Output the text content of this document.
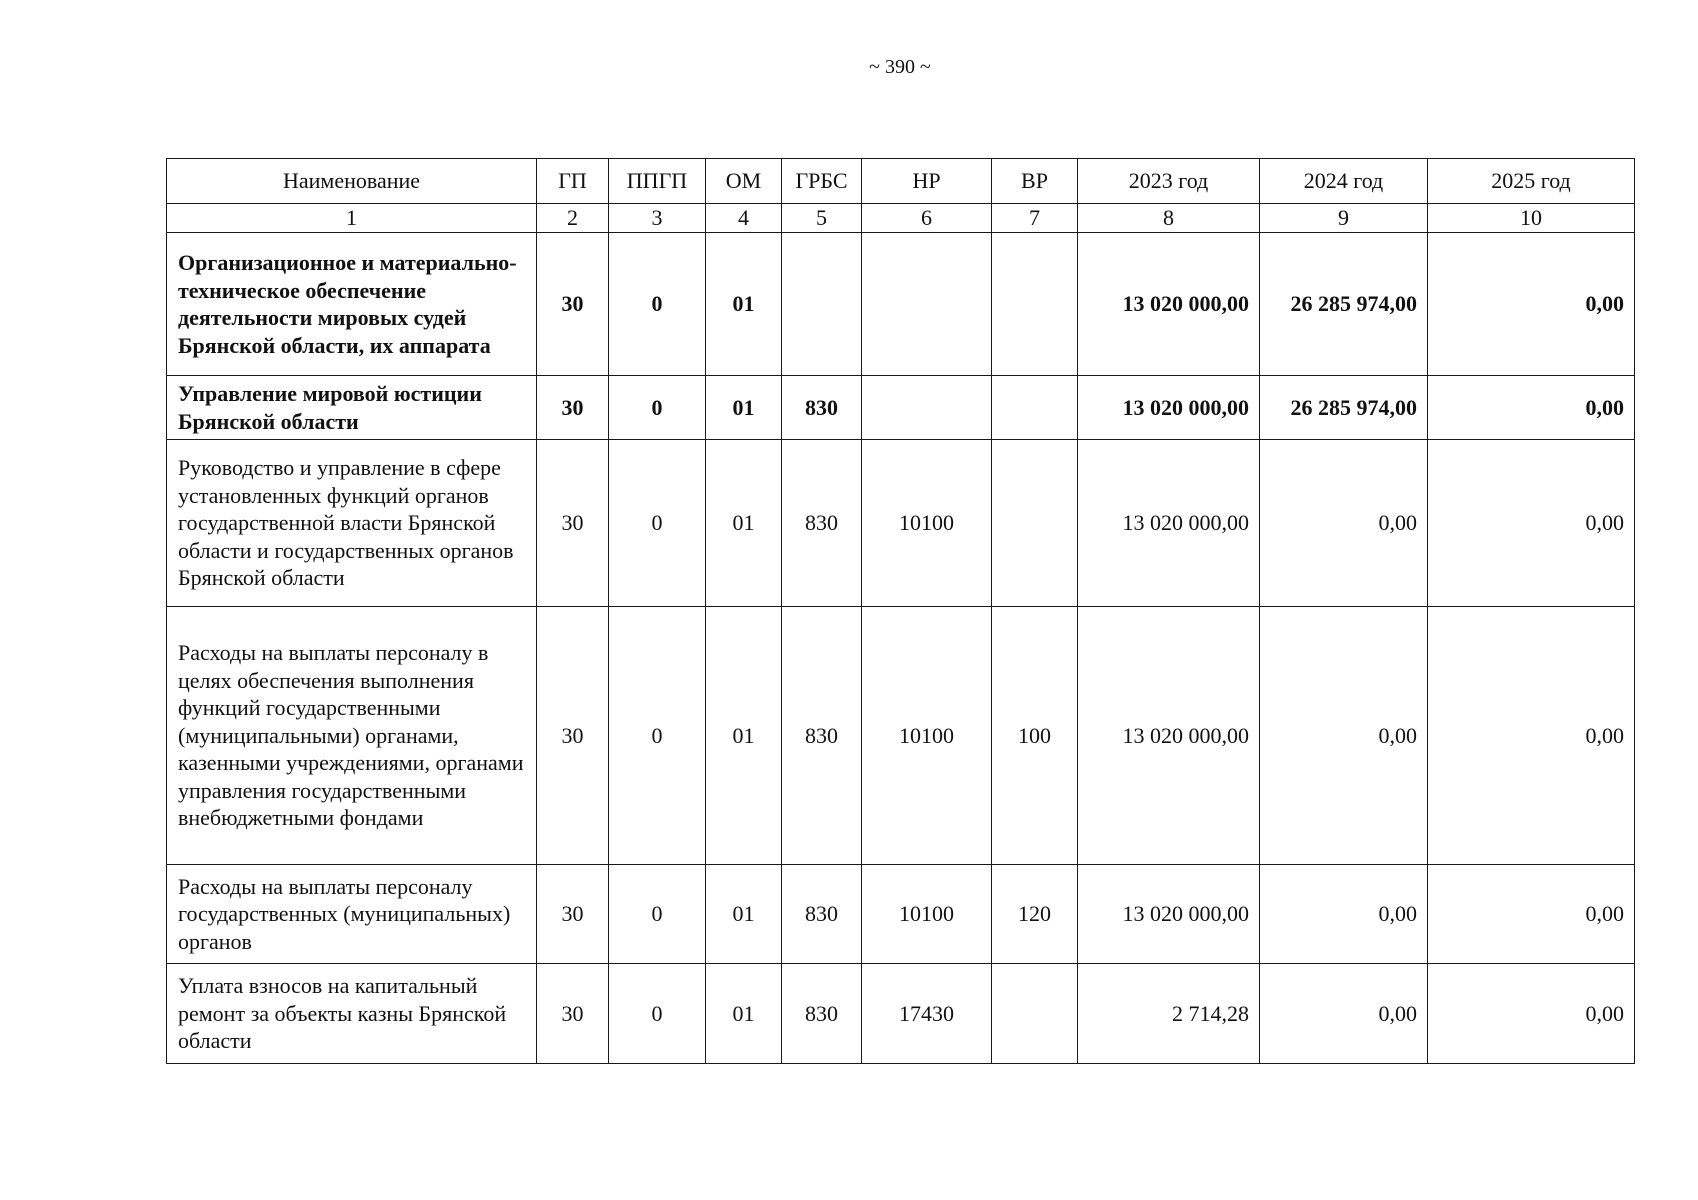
~ 390 ~
Наименование	ГП	ППГП	ОМ	ГРБС	НР	ВР	2023 год	2024 год	2025 год
1	2	3	4	5	6	7	8	9	10
Организационное и материально-техническое обеспечение деятельности мировых судей Брянской области, их аппарата	30	0	01				13 020 000,00	26 285 974,00	0,00
Управление мировой юстиции Брянской области	30	0	01	830			13 020 000,00	26 285 974,00	0,00
Руководство и управление в сфере установленных функций органов государственной власти Брянской области и государственных органов Брянской области	30	0	01	830	10100		13 020 000,00	0,00	0,00
Расходы на выплаты персоналу в целях обеспечения выполнения функций государственными (муниципальными) органами, казенными учреждениями, органами управления государственными внебюджетными фондами	30	0	01	830	10100	100	13 020 000,00	0,00	0,00
Расходы на выплаты персоналу государственных (муниципальных) органов	30	0	01	830	10100	120	13 020 000,00	0,00	0,00
Уплата взносов на капитальный ремонт за объекты казны Брянской области	30	0	01	830	17430		2 714,28	0,00	0,00
